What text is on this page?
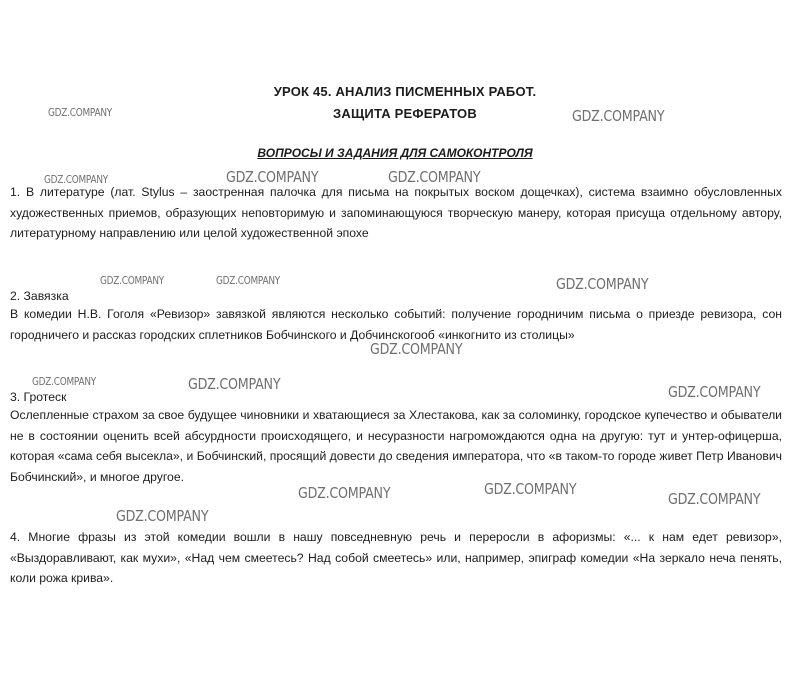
УРОК 45. АНАЛИЗ ПИСМЕННЫХ РАБОТ.
ЗАЩИТА РЕФЕРАТОВ
ВОПРОСЫ И ЗАДАНИЯ ДЛЯ САМОКОНТРОЛЯ
1. В литературе (лат. Stylus – заостренная палочка для письма на покрытых воском дощечках), система взаимно обусловленных художественных приемов, образующих неповторимую и запоминающуюся творческую манеру, которая присуща отдельному автору, литературному направлению или целой художественной эпохе
2. Завязка
В комедии Н.В. Гоголя «Ревизор» завязкой являются несколько событий: получение городничим письма о приезде ревизора, сон городничего и рассказ городских сплетников Бобчинского и Добчинскогооб «инкогнито из столицы»
3. Гротеск
Ослепленные страхом за свое будущее чиновники и хватающиеся за Хлестакова, как за соломинку, городское купечество и обыватели не в состоянии оценить всей абсурдности происходящего, и несуразности нагромождаются одна на другую: тут и унтер-офицерша, которая «сама себя высекла», и Бобчинский, просящий довести до сведения императора, что «в таком-то городе живет Петр Иванович Бобчинский», и многое другое.
4. Многие фразы из этой комедии вошли в нашу повседневную речь и переросли в афоризмы: «... к нам едет ревизор», «Выздоравливают, как мухи», «Над чем смеетесь? Над собой смеетесь» или, например, эпиграф комедии «На зеркало неча пенять, коли рожа крива».
GDZ.COMPANY	GDZ.COMPANY
GDZ.COMPANY	GDZ.COMPANY	GDZ.COMPANY
GDZ.COMPANY	GDZ.COMPANY	GDZ.COMPANY
GDZ.COMPANY
GDZ.COMPANY	GDZ.COMPANY	GDZ.COMPANY
GDZ.COMPANY	GDZ.COMPANY
GDZ.COMPANY
GDZ.COMPANY
